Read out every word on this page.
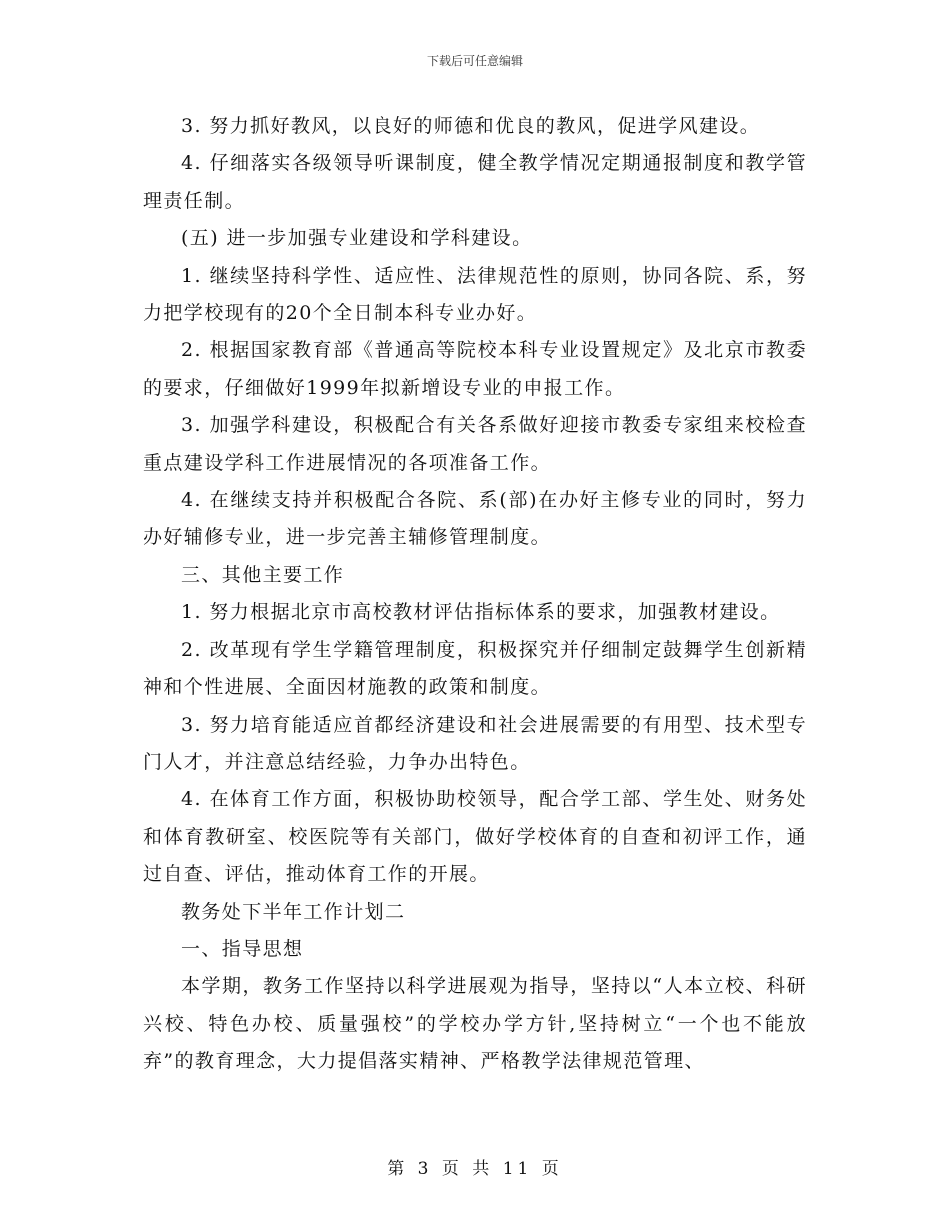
下载后可任意编辑

3. 努力抓好教风，以良好的师德和优良的教风，促进学风建设。

4. 仔细落实各级领导听课制度，健全教学情况定期通报制度和教学管理责任制。

(五) 进一步加强专业建设和学科建设。

1. 继续坚持科学性、适应性、法律规范性的原则，协同各院、系，努力把学校现有的20个全日制本科专业办好。

2. 根据国家教育部《普通高等院校本科专业设置规定》及北京市教委的要求，仔细做好1999年拟新增设专业的申报工作。

3. 加强学科建设，积极配合有关各系做好迎接市教委专家组来校检查重点建设学科工作进展情况的各项准备工作。

4. 在继续支持并积极配合各院、系(部)在办好主修专业的同时，努力办好辅修专业，进一步完善主辅修管理制度。

三、其他主要工作

1. 努力根据北京市高校教材评估指标体系的要求，加强教材建设。

2. 改革现有学生学籍管理制度，积极探究并仔细制定鼓舞学生创新精神和个性进展、全面因材施教的政策和制度。

3. 努力培育能适应首都经济建设和社会进展需要的有用型、技术型专门人才，并注意总结经验，力争办出特色。

4. 在体育工作方面，积极协助校领导，配合学工部、学生处、财务处和体育教研室、校医院等有关部门，做好学校体育的自查和初评工作，通过自查、评估，推动体育工作的开展。

教务处下半年工作计划二

一、指导思想

本学期，教务工作坚持以科学进展观为指导，坚持以“人本立校、科研兴校、特色办校、质量强校”的学校办学方针,坚持树立“一个也不能放弃”的教育理念，大力提倡落实精神、严格教学法律规范管理、

第 3 页 共 11 页
